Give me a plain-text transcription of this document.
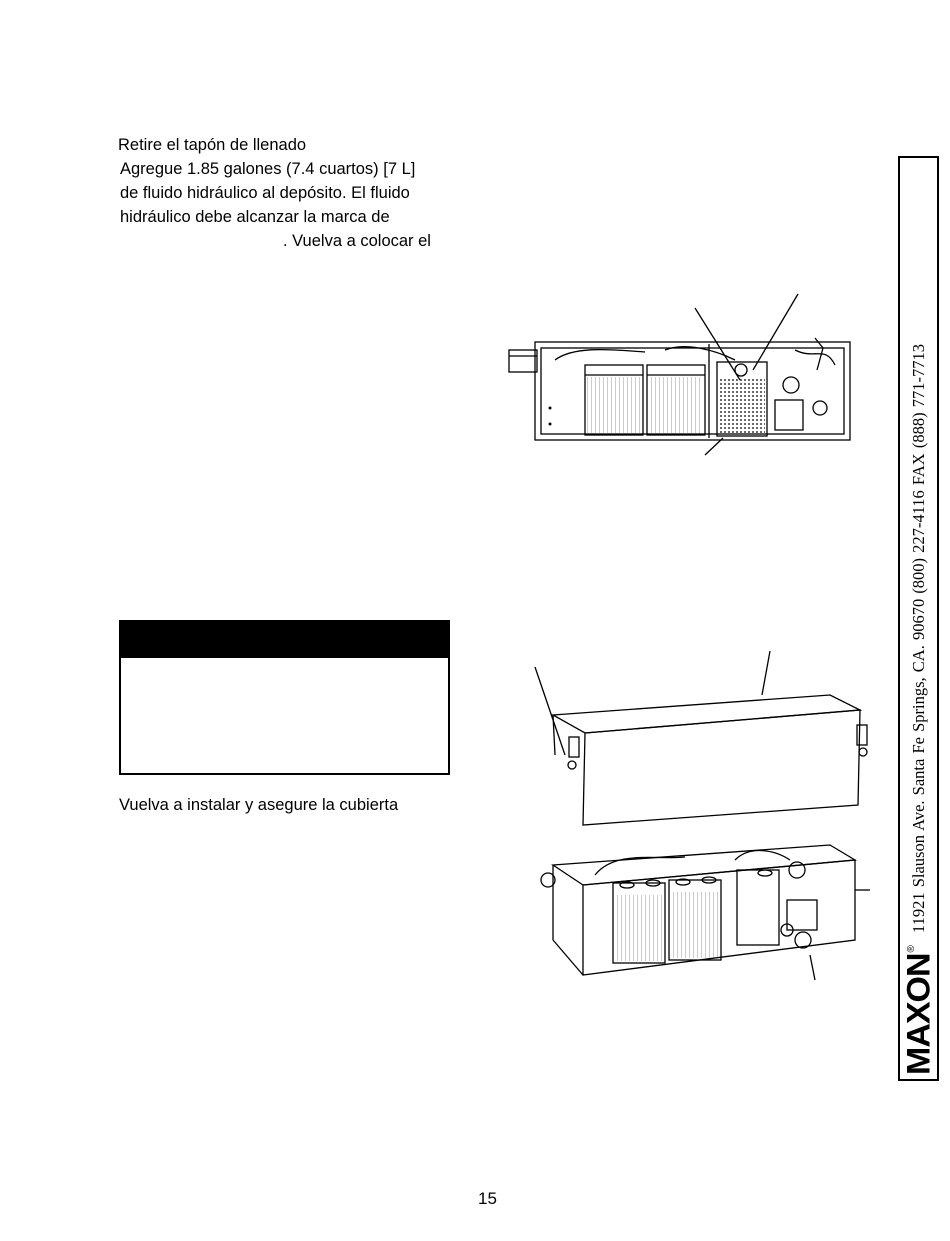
Retire el tapón de llenado
Agregue 1.85 galones (7.4 cuartos) [7 L]
de fluido hidráulico al depósito. El fluido
hidráulico debe alcanzar la marca de
. Vuelva a colocar el
Vuelva a instalar y asegure la cubierta
15
MAXON
®
11921 Slauson Ave. Santa Fe Springs, CA. 90670 (800) 227-4116 FAX (888) 771-7713
